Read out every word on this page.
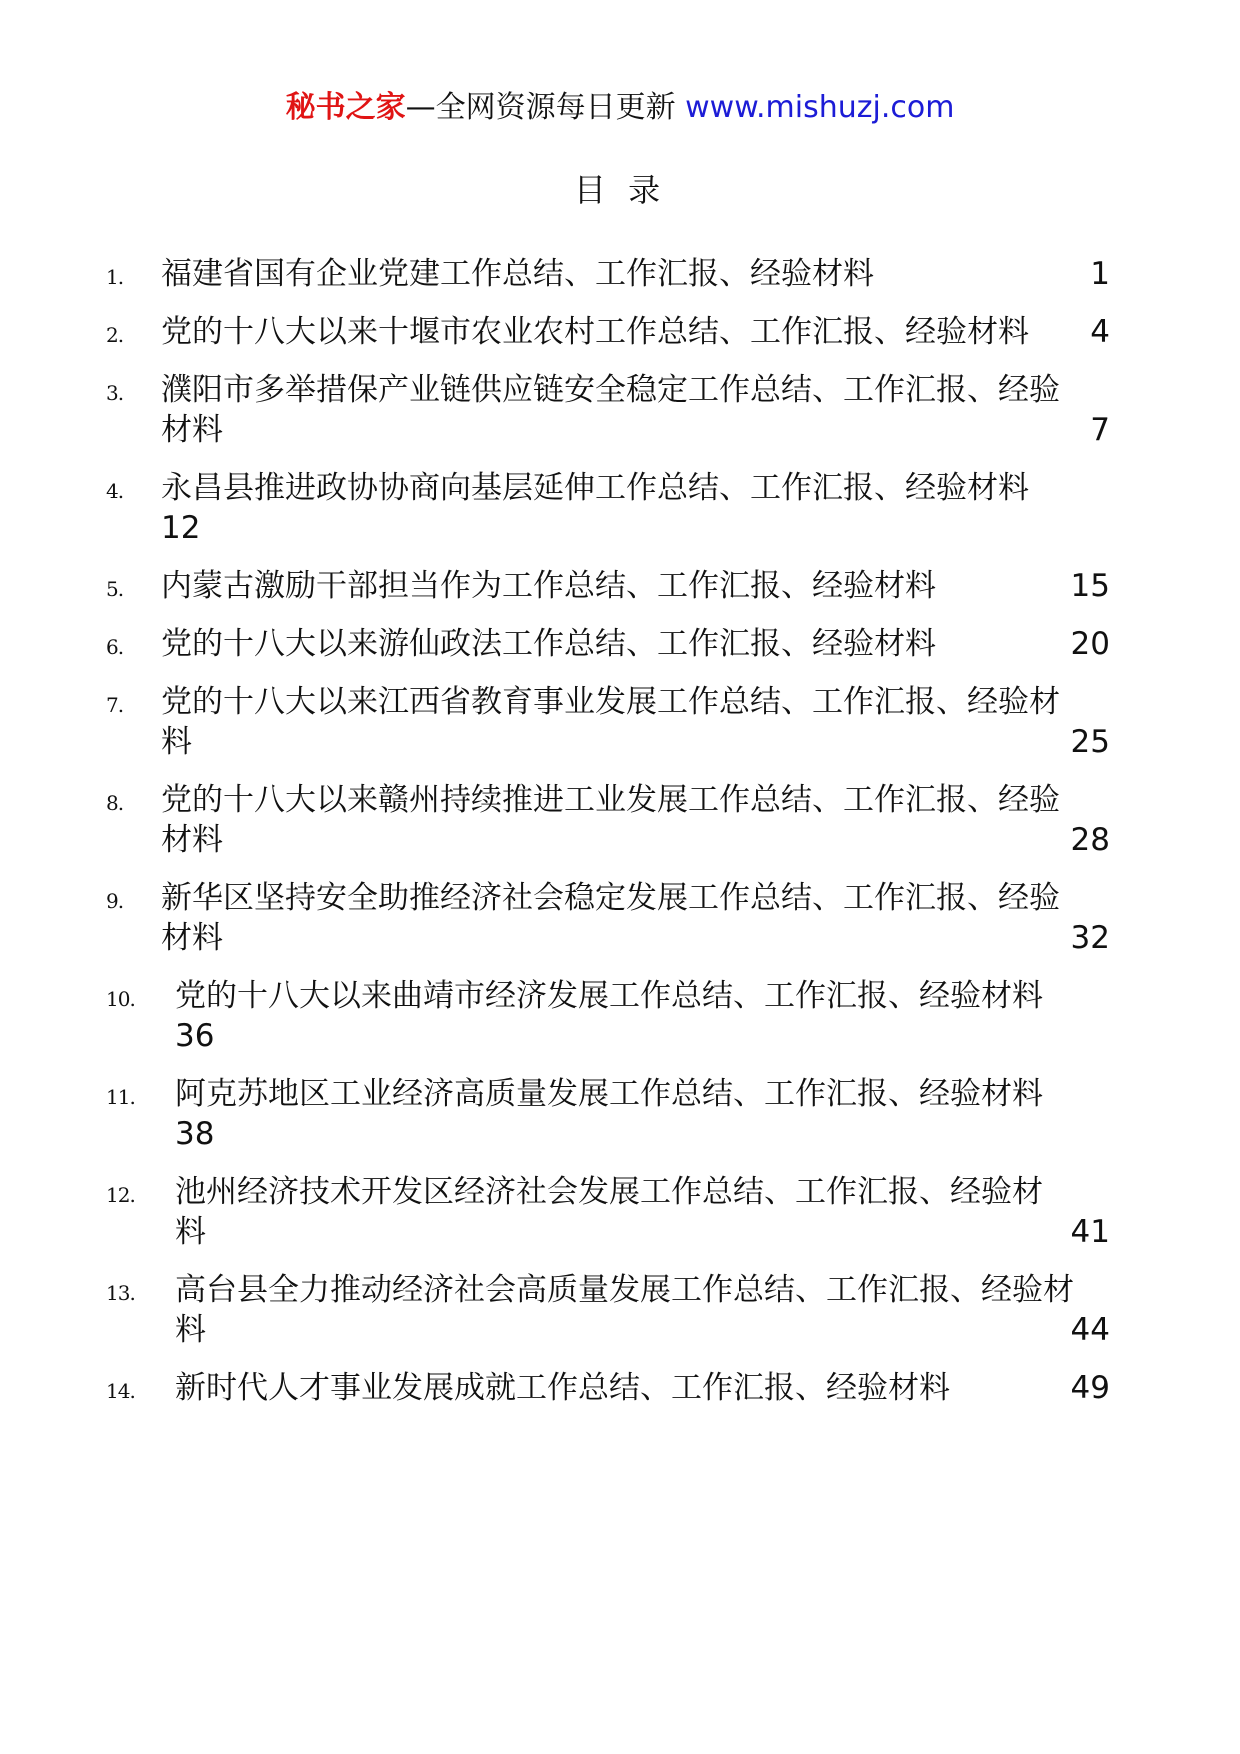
秘书之家—全网资源每日更新 www.mishuzj.com
目 录
1. 福建省国有企业党建工作总结、工作汇报、经验材料	1
2. 党的十八大以来十堰市农业农村工作总结、工作汇报、经验材料	4
3. 濮阳市多举措保产业链供应链安全稳定工作总结、工作汇报、经验
材料	7
4. 永昌县推进政协协商向基层延伸工作总结、工作汇报、经验材料
12
5. 内蒙古激励干部担当作为工作总结、工作汇报、经验材料	15
6. 党的十八大以来游仙政法工作总结、工作汇报、经验材料	20
7. 党的十八大以来江西省教育事业发展工作总结、工作汇报、经验材
料	25
8. 党的十八大以来赣州持续推进工业发展工作总结、工作汇报、经验
材料	28
9. 新华区坚持安全助推经济社会稳定发展工作总结、工作汇报、经验
材料	32
10. 党的十八大以来曲靖市经济发展工作总结、工作汇报、经验材料
36
11. 阿克苏地区工业经济高质量发展工作总结、工作汇报、经验材料
38
12. 池州经济技术开发区经济社会发展工作总结、工作汇报、经验材
料	41
13. 高台县全力推动经济社会高质量发展工作总结、工作汇报、经验材
料	44
14. 新时代人才事业发展成就工作总结、工作汇报、经验材料	49
